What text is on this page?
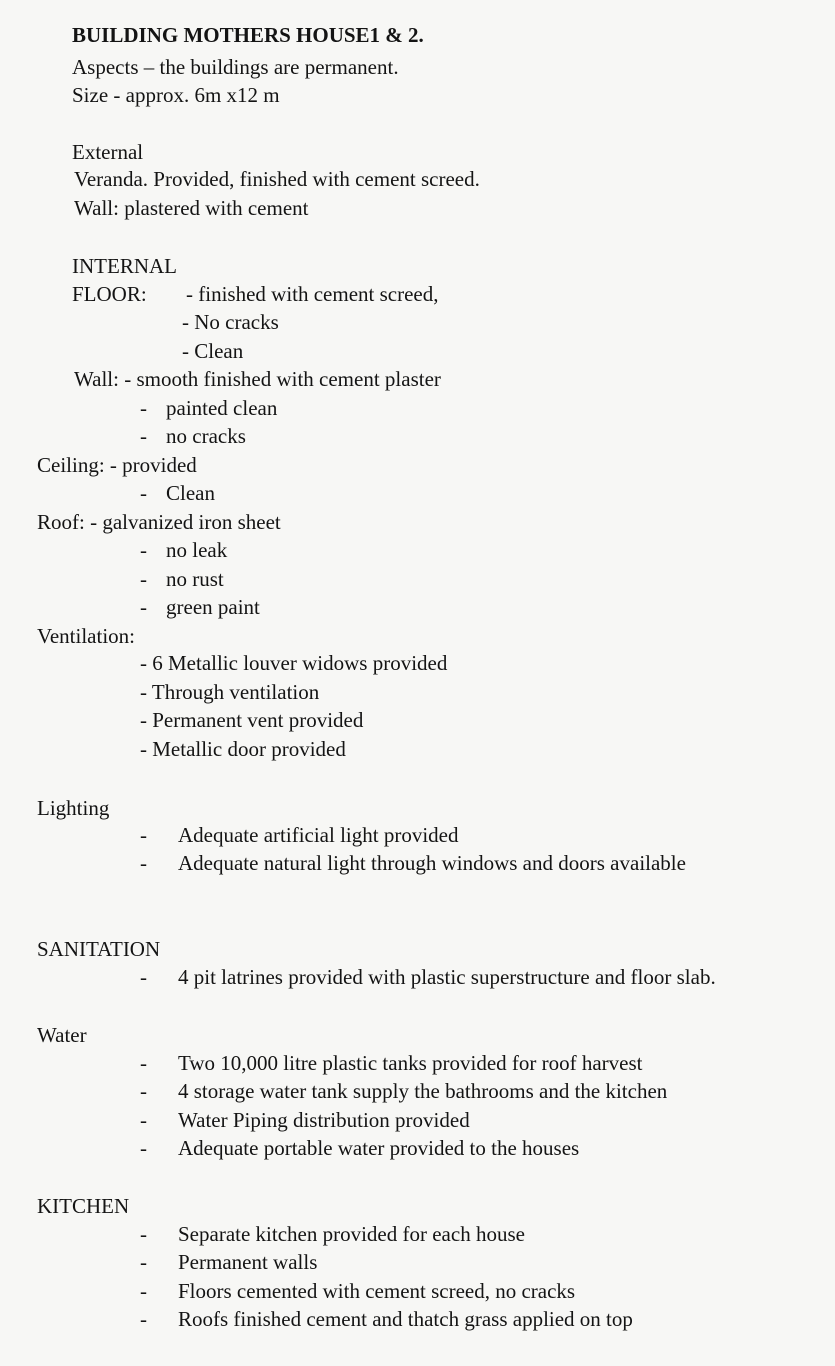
BUILDING MOTHERS HOUSE1 & 2.
Aspects – the buildings are permanent.
Size - approx. 6m x12 m
External
Veranda. Provided, finished with cement screed.
Wall: plastered with cement
INTERNAL
FLOOR: - finished with cement screed,
- No cracks
- Clean
Wall: - smooth finished with cement plaster
- painted clean
- no cracks
Ceiling: - provided
- Clean
Roof: - galvanized iron sheet
- no leak
- no rust
- green paint
Ventilation:
- 6 Metallic louver widows provided
- Through ventilation
- Permanent vent provided
- Metallic door provided
Lighting
- Adequate artificial light provided
- Adequate natural light through windows and doors available
SANITATION
- 4 pit latrines provided with plastic superstructure and floor slab.
Water
- Two 10,000 litre plastic tanks provided for roof harvest
- 4 storage water tank supply the bathrooms and the kitchen
- Water Piping distribution provided
- Adequate portable water provided to the houses
KITCHEN
- Separate kitchen provided for each house
- Permanent walls
- Floors cemented with cement screed, no cracks
- Roofs finished cement and thatch grass applied on top
